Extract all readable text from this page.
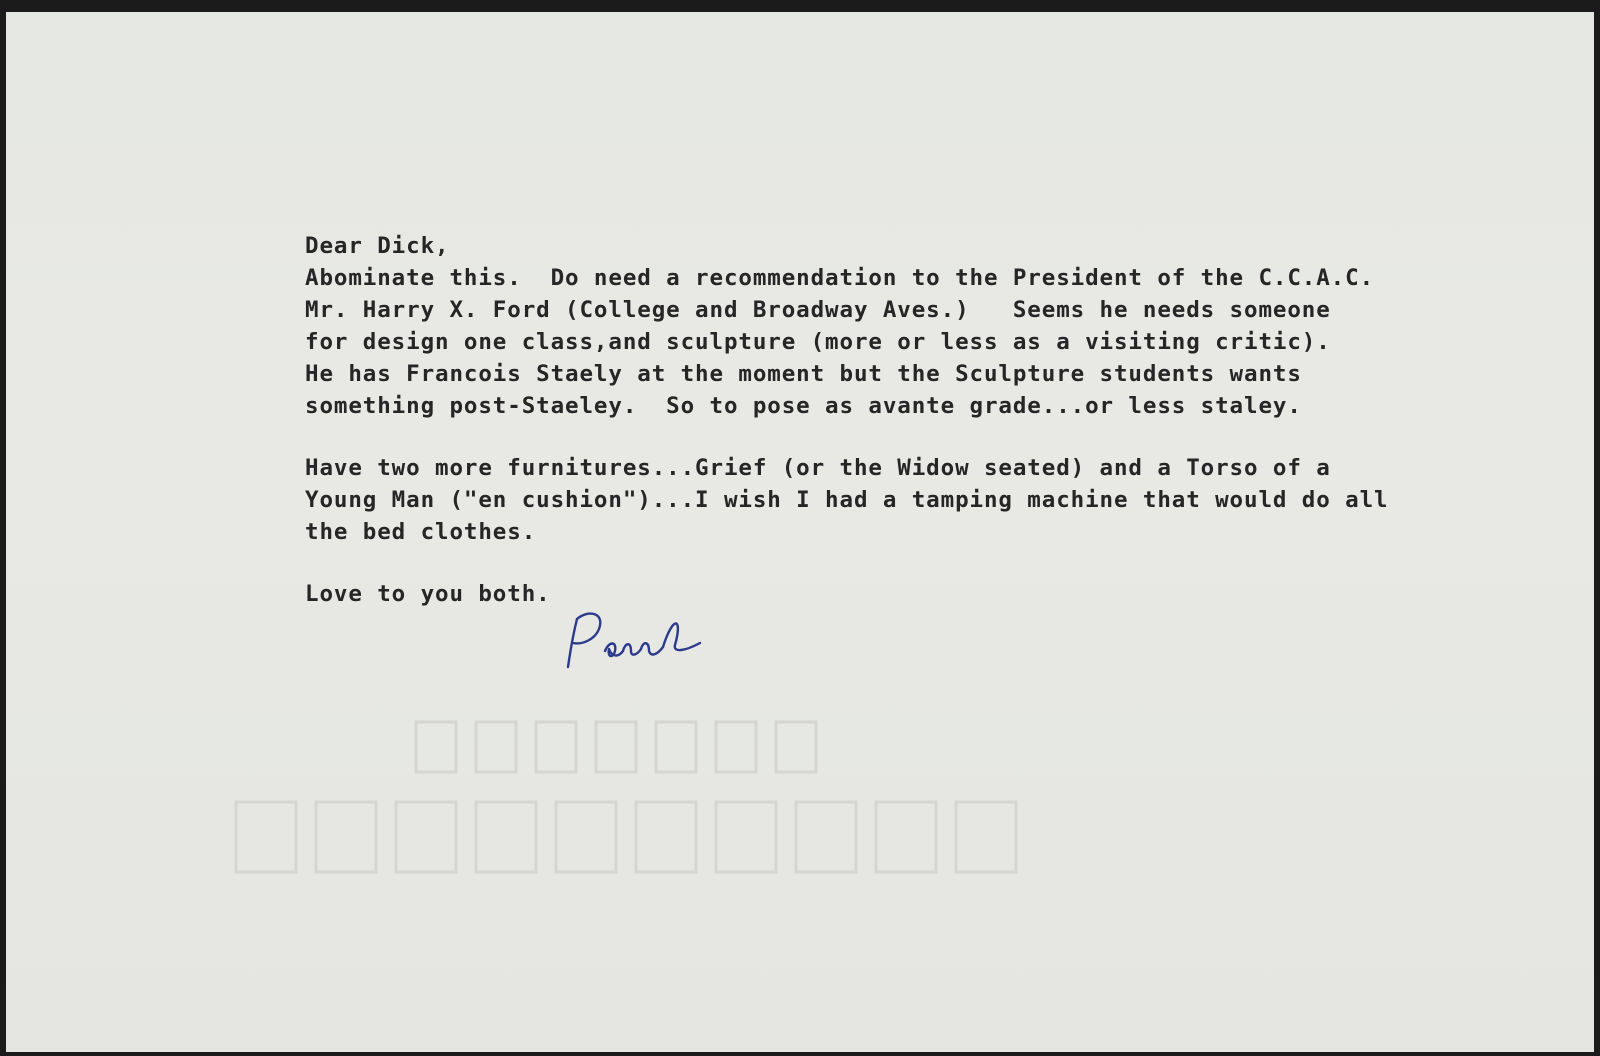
Dear Dick,
Abominate this.  Do need a recommendation to the President of the C.C.A.C.
Mr. Harry X. Ford (College and Broadway Aves.)   Seems he needs someone
for design one class,and sculpture (more or less as a visiting critic).
He has Francois Staely at the moment but the Sculpture students wants
something post-Staeley.  So to pose as avante grade...or less staley.
Have two more furnitures...Grief (or the Widow seated) and a Torso of a
Young Man ("en cushion")...I wish I had a tamping machine that would do all
the bed clothes.
Love to you both.
